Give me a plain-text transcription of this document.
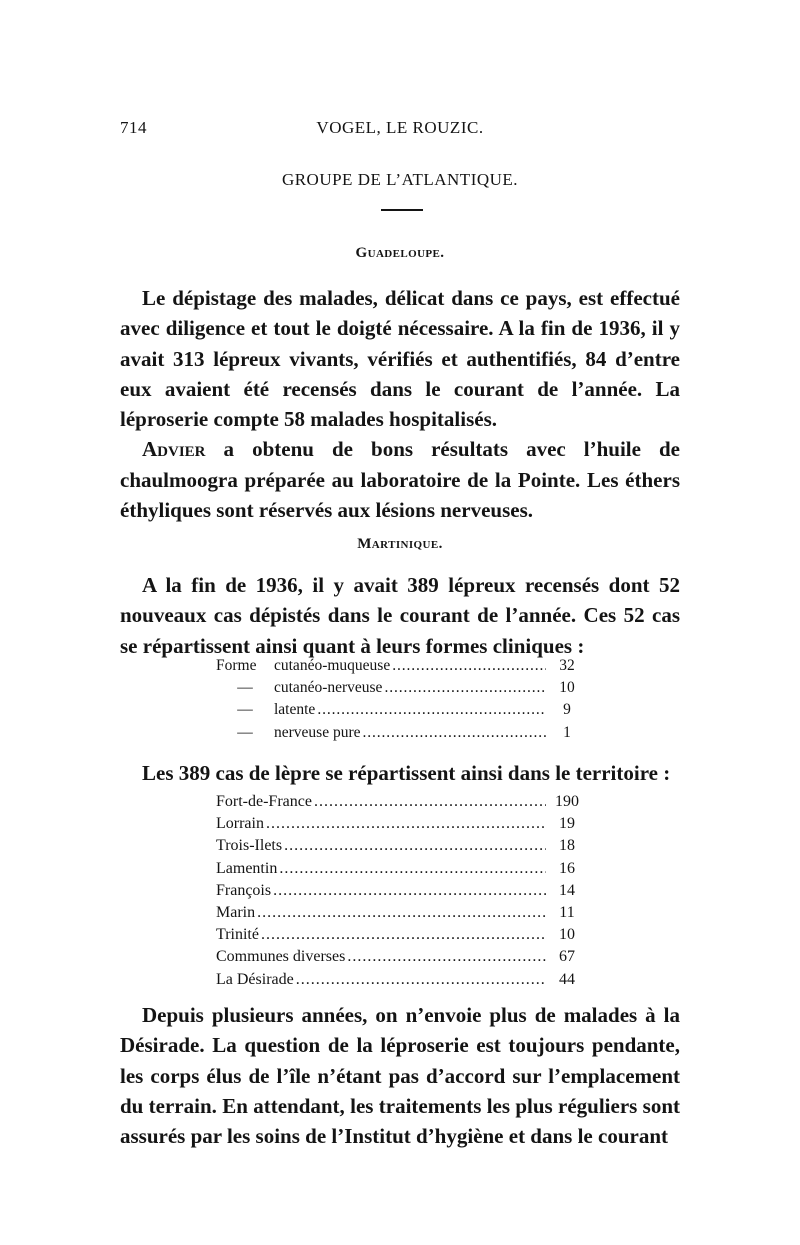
714	VOGEL, LE ROUZIC.
GROUPE DE L’ATLANTIQUE.
Guadeloupe.

Le dépistage des malades, délicat dans ce pays, est effectué avec diligence et tout le doigté nécessaire. A la fin de 1936, il y avait 313 lépreux vivants, vérifiés et authentifiés, 84 d’entre eux avaient été recensés dans le courant de l’année. La léproserie compte 58 malades hospitalisés.

Advier a obtenu de bons résultats avec l’huile de chaulmoogra préparée au laboratoire de la Pointe. Les éthers éthyliques sont réservés aux lésions nerveuses.

Martinique.

A la fin de 1936, il y avait 389 lépreux recensés dont 52 nouveaux cas dépistés dans le courant de l’année. Ces 52 cas se répartissent ainsi quant à leurs formes cliniques :

Forme cutanéo-muqueuse . . .	32
— cutanéo-nerveuse . . .	10
— latente . . .	9
— nerveuse pure . . .	1

Les 389 cas de lèpre se répartissent ainsi dans le territoire :

Fort-de-France . . .	190
Lorrain . . .	19
Trois-Ilets . . .	18
Lamentin . . .	16
François . . .	14
Marin . . .	11
Trinité . . .	10
Communes diverses . . .	67
La Désirade . . .	44

Depuis plusieurs années, on n’envoie plus de malades à la Désirade. La question de la léproserie est toujours pendante, les corps élus de l’île n’étant pas d’accord sur l’emplacement du terrain. En attendant, les traitements les plus réguliers sont assurés par les soins de l’Institut d’hygiène et dans le courant
